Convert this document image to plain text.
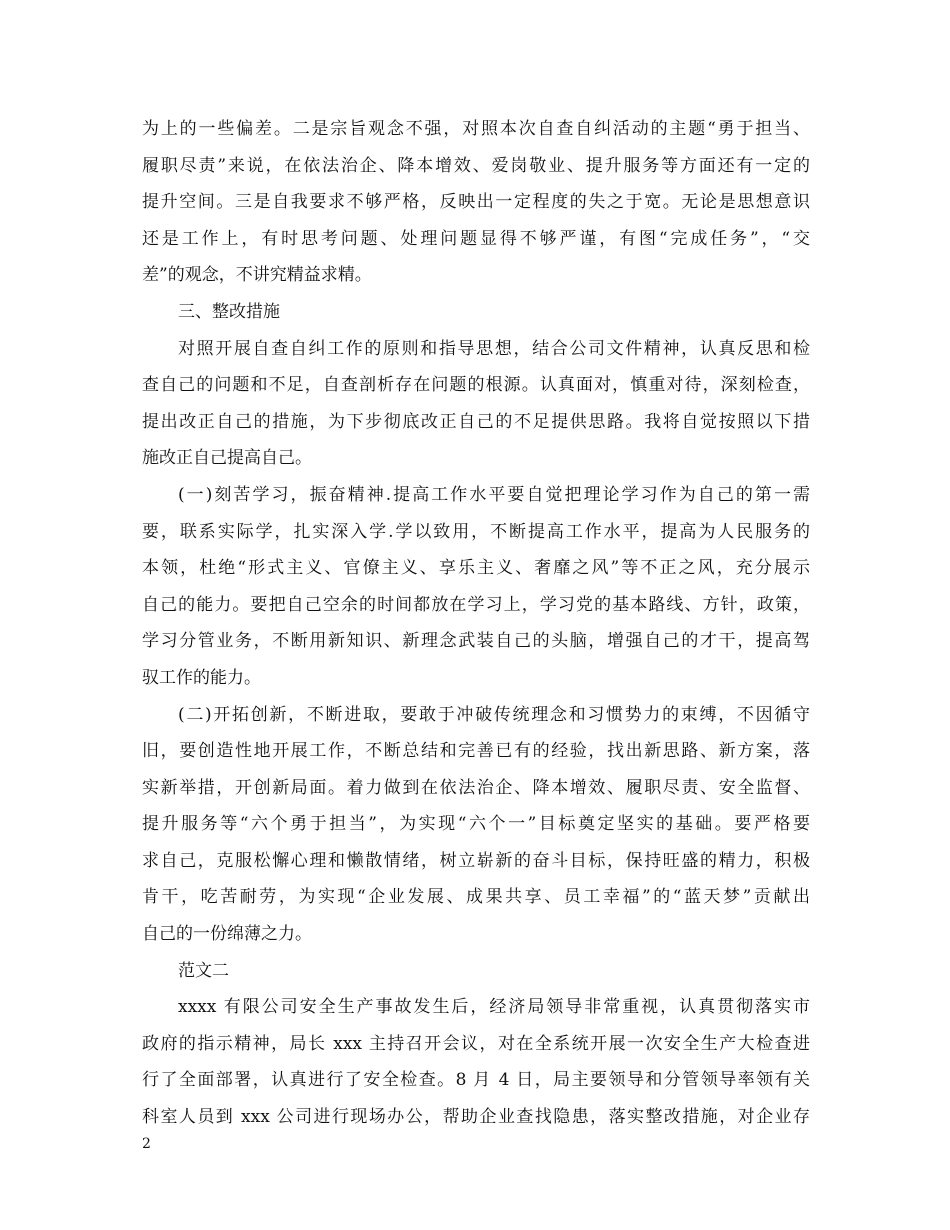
为上的一些偏差。二是宗旨观念不强，对照本次自查自纠活动的主题“勇于担当、
履职尽责”来说，在依法治企、降本增效、爱岗敬业、提升服务等方面还有一定的
提升空间。三是自我要求不够严格，反映出一定程度的失之于宽。无论是思想意识
还是工作上，有时思考问题、处理问题显得不够严谨，有图“完成任务”，“交
差”的观念，不讲究精益求精。
三、整改措施
对照开展自查自纠工作的原则和指导思想，结合公司文件精神，认真反思和检
查自己的问题和不足，自查剖析存在问题的根源。认真面对，慎重对待，深刻检查，
提出改正自己的措施，为下步彻底改正自己的不足提供思路。我将自觉按照以下措
施改正自己提高自己。
(一)刻苦学习，振奋精神.提高工作水平要自觉把理论学习作为自己的第一需
要，联系实际学，扎实深入学.学以致用，不断提高工作水平，提高为人民服务的
本领，杜绝“形式主义、官僚主义、享乐主义、奢靡之风”等不正之风，充分展示
自己的能力。要把自己空余的时间都放在学习上，学习党的基本路线、方针，政策，
学习分管业务，不断用新知识、新理念武装自己的头脑，增强自己的才干，提高驾
驭工作的能力。
(二)开拓创新，不断进取，要敢于冲破传统理念和习惯势力的束缚，不因循守
旧，要创造性地开展工作，不断总结和完善已有的经验，找出新思路、新方案，落
实新举措，开创新局面。着力做到在依法治企、降本增效、履职尽责、安全监督、
提升服务等“六个勇于担当”，为实现“六个一”目标奠定坚实的基础。要严格要
求自己，克服松懈心理和懒散情绪，树立崭新的奋斗目标，保持旺盛的精力，积极
肯干，吃苦耐劳，为实现“企业发展、成果共享、员工幸福”的“蓝天梦”贡献出
自己的一份绵薄之力。
范文二
xxxx 有限公司安全生产事故发生后，经济局领导非常重视，认真贯彻落实市
政府的指示精神，局长 xxx 主持召开会议，对在全系统开展一次安全生产大检查进
行了全面部署，认真进行了安全检查。8 月 4 日，局主要领导和分管领导率领有关
科室人员到 xxx 公司进行现场办公，帮助企业查找隐患，落实整改措施，对企业存
2
